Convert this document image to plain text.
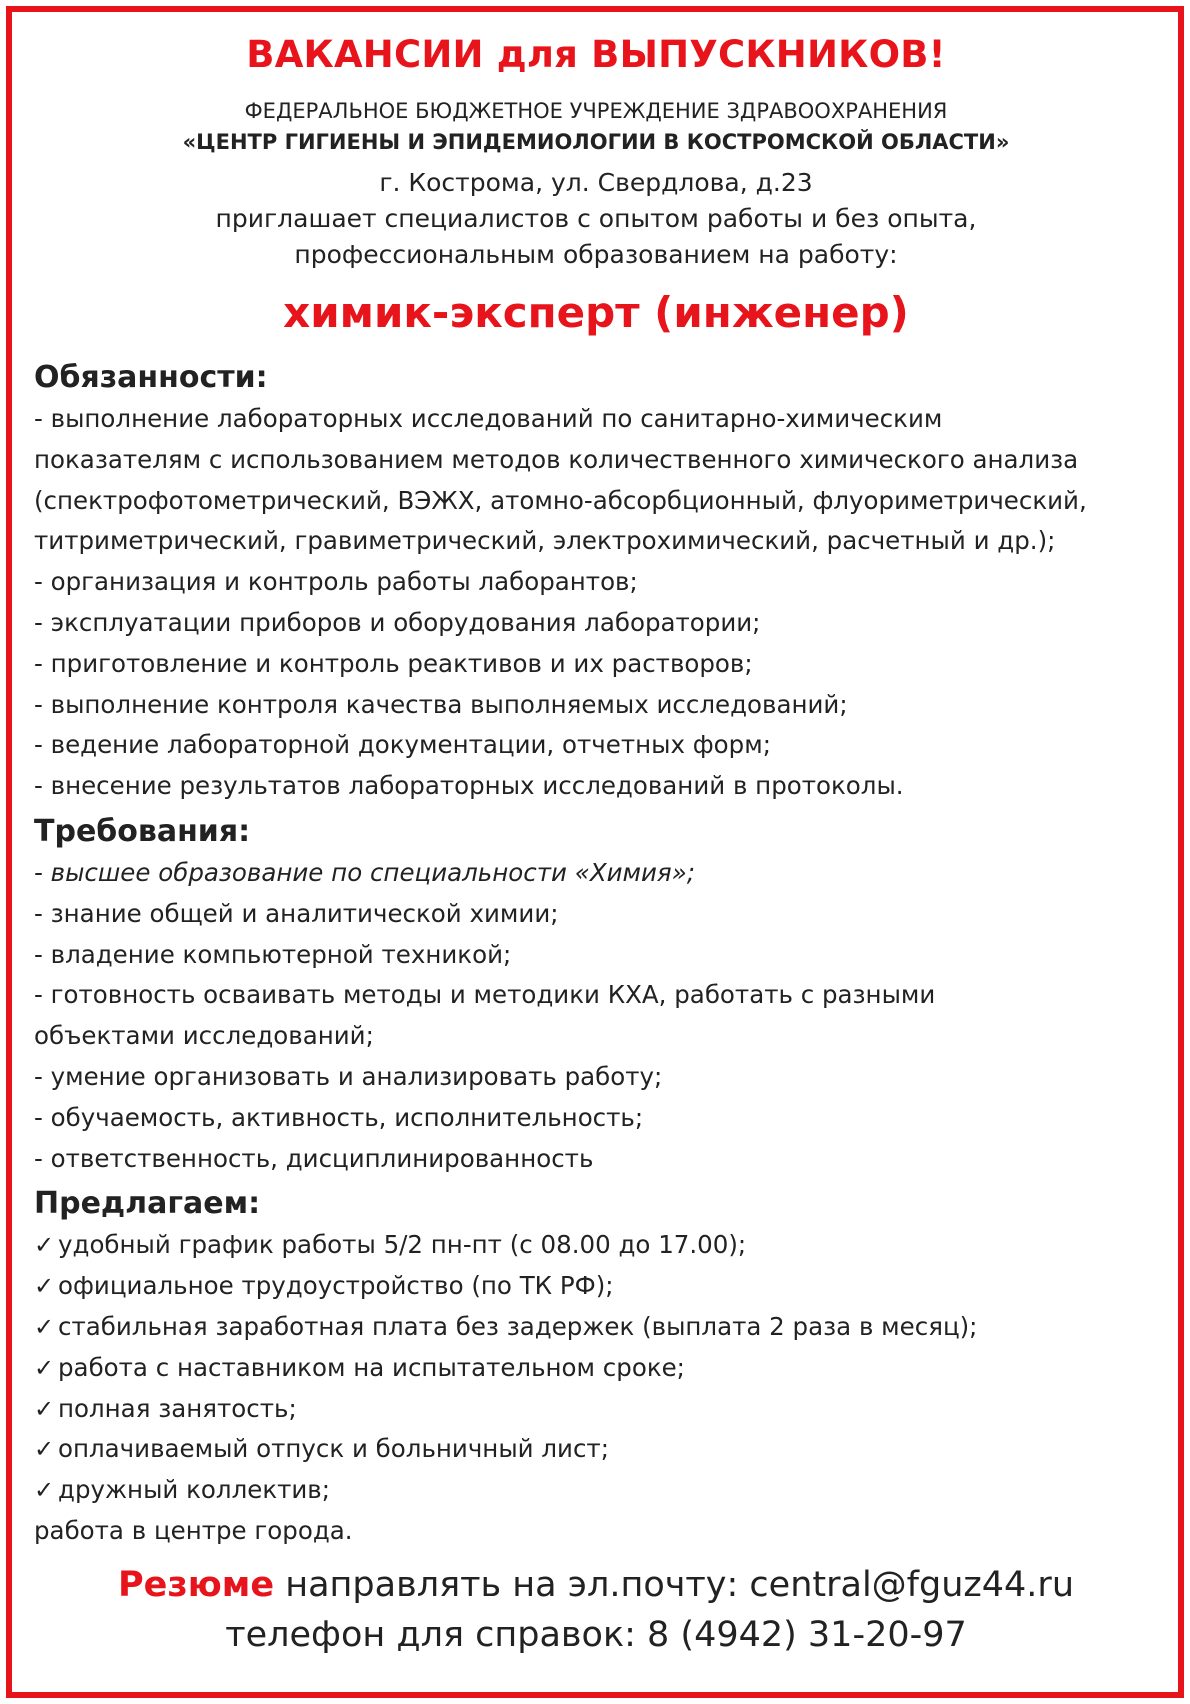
ВАКАНСИИ для ВЫПУСКНИКОВ!
ФЕДЕРАЛЬНОЕ БЮДЖЕТНОЕ УЧРЕЖДЕНИЕ ЗДРАВООХРАНЕНИЯ
«ЦЕНТР ГИГИЕНЫ И ЭПИДЕМИОЛОГИИ В КОСТРОМСКОЙ ОБЛАСТИ»
г. Кострома, ул. Свердлова, д.23
приглашает специалистов с опытом работы и без опыта,
профессиональным образованием на работу:
химик-эксперт (инженер)
Обязанности:
- выполнение лабораторных исследований по санитарно-химическим
показателям с использованием методов количественного химического анализа
(спектрофотометрический, ВЭЖХ, атомно-абсорбционный, флуориметрический,
титриметрический, гравиметрический, электрохимический, расчетный и др.);
- организация и контроль работы лаборантов;
- эксплуатации приборов и оборудования лаборатории;
- приготовление и контроль реактивов и их растворов;
- выполнение контроля качества выполняемых исследований;
- ведение лабораторной документации, отчетных форм;
- внесение результатов лабораторных исследований в протоколы.
Требования:
- высшее образование по специальности «Химия»;
- знание общей и аналитической химии;
- владение компьютерной техникой;
- готовность осваивать методы и методики КХА, работать с разными
объектами исследований;
- умение организовать и анализировать работу;
- обучаемость, активность, исполнительность;
- ответственность, дисциплинированность
Предлагаем:
✓ удобный график работы 5/2 пн-пт (с 08.00 до 17.00);
✓ официальное трудоустройство (по ТК РФ);
✓ стабильная заработная плата без задержек (выплата 2 раза в месяц);
✓ работа с наставником на испытательном сроке;
✓ полная занятость;
✓ оплачиваемый отпуск и больничный лист;
✓ дружный коллектив;
работа в центре города.
Резюме направлять на эл.почту: central@fguz44.ru
телефон для справок: 8 (4942) 31-20-97
